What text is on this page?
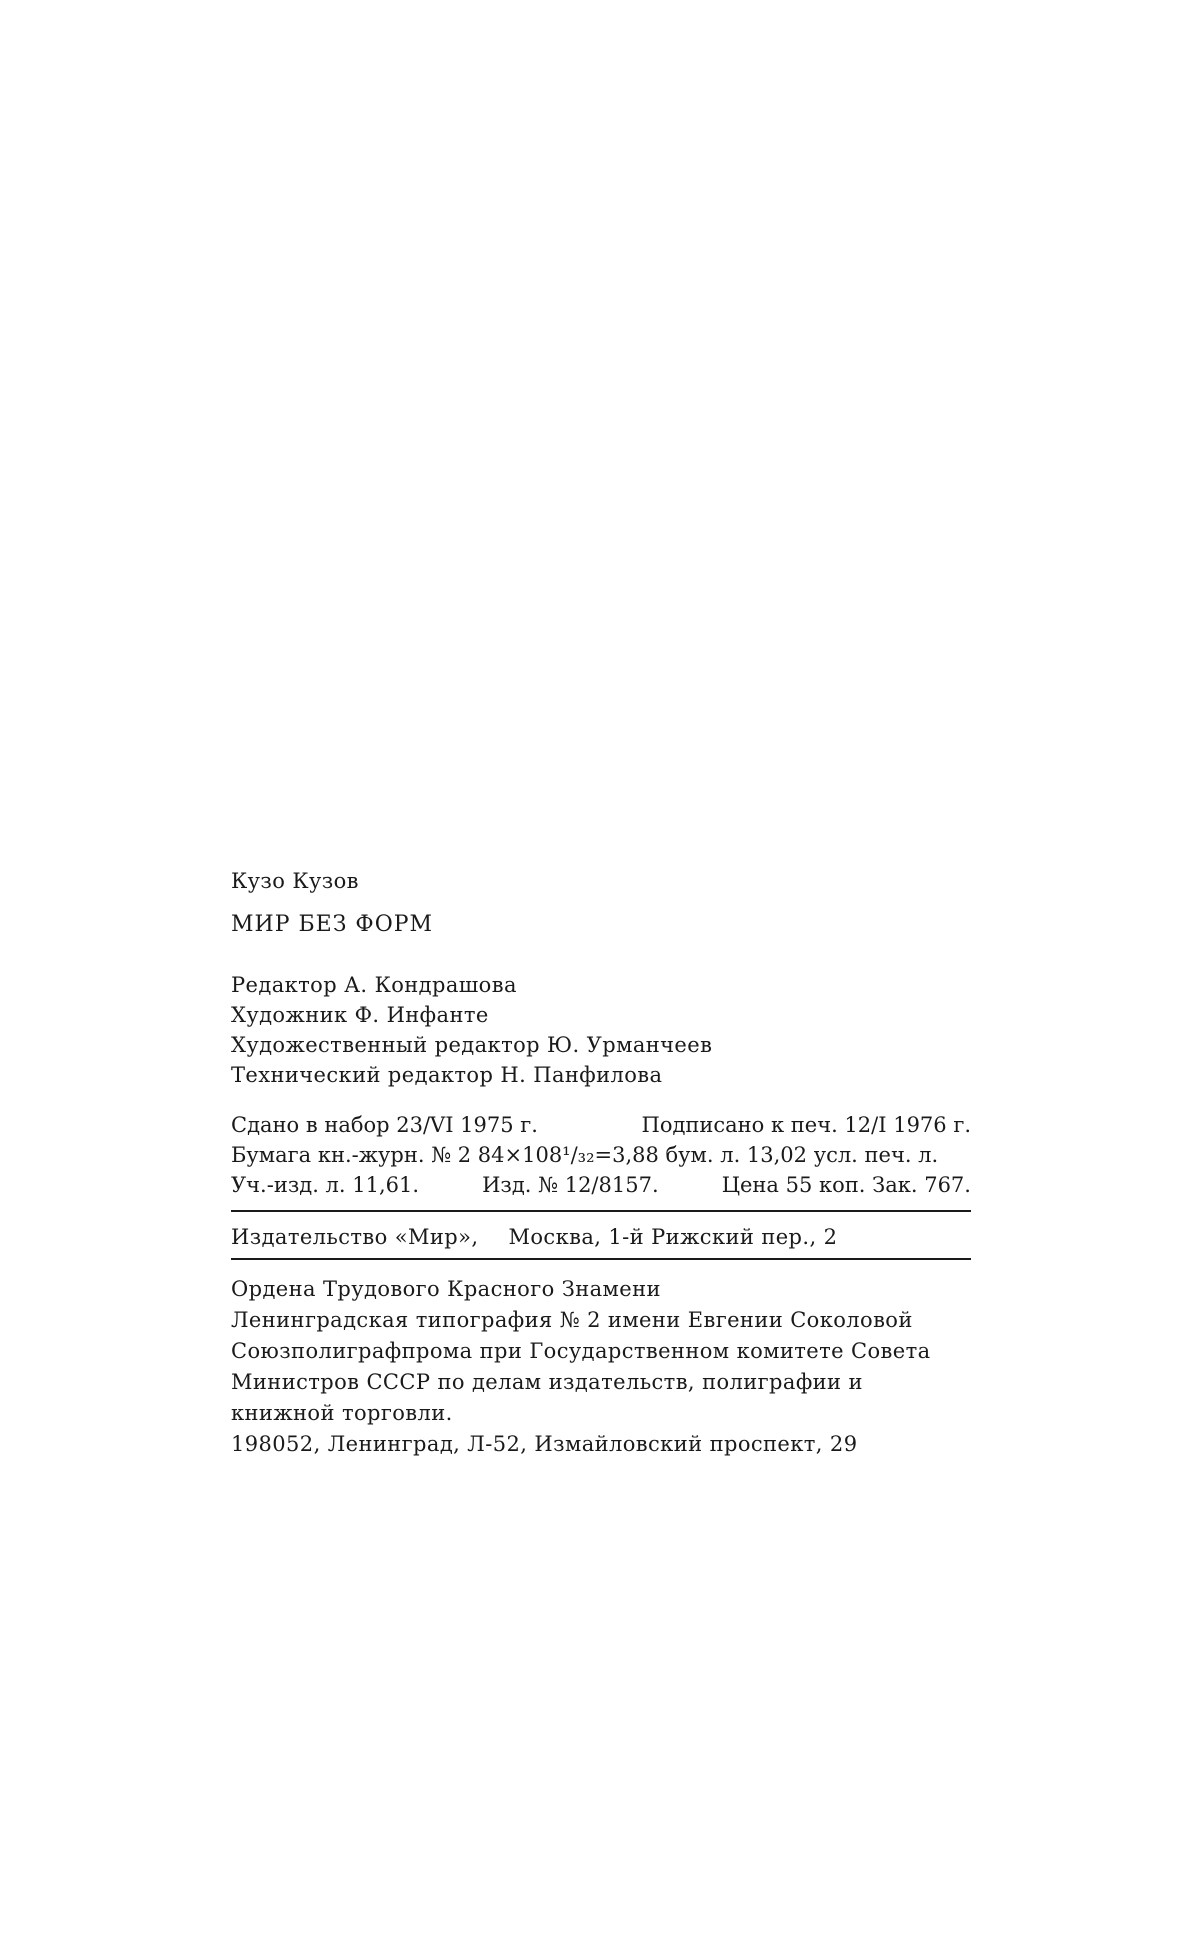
Кузо Кузов
МИР БЕЗ ФОРМ
Редактор А. Кондрашова
Художник Ф. Инфанте
Художественный редактор Ю. Урманчеев
Технический редактор Н. Панфилова
Сдано в набор 23/VI 1975 г.	Подписано к печ. 12/I 1976 г.
Бумага кн.-журн. № 2 84×108¹/₃₂=3,88 бум. л. 13,02 усл. печ. л.
Уч.-изд. л. 11,61.	Изд. № 12/8157.	Цена 55 коп. Зак. 767.
Издательство «Мир», Москва, 1-й Рижский пер., 2
Ордена Трудового Красного Знамени
Ленинградская типография № 2 имени Евгении Соколовой
Союзполиграфпрома при Государственном комитете Совета
Министров СССР по делам издательств, полиграфии и
книжной торговли.
198052, Ленинград, Л-52, Измайловский проспект, 29
